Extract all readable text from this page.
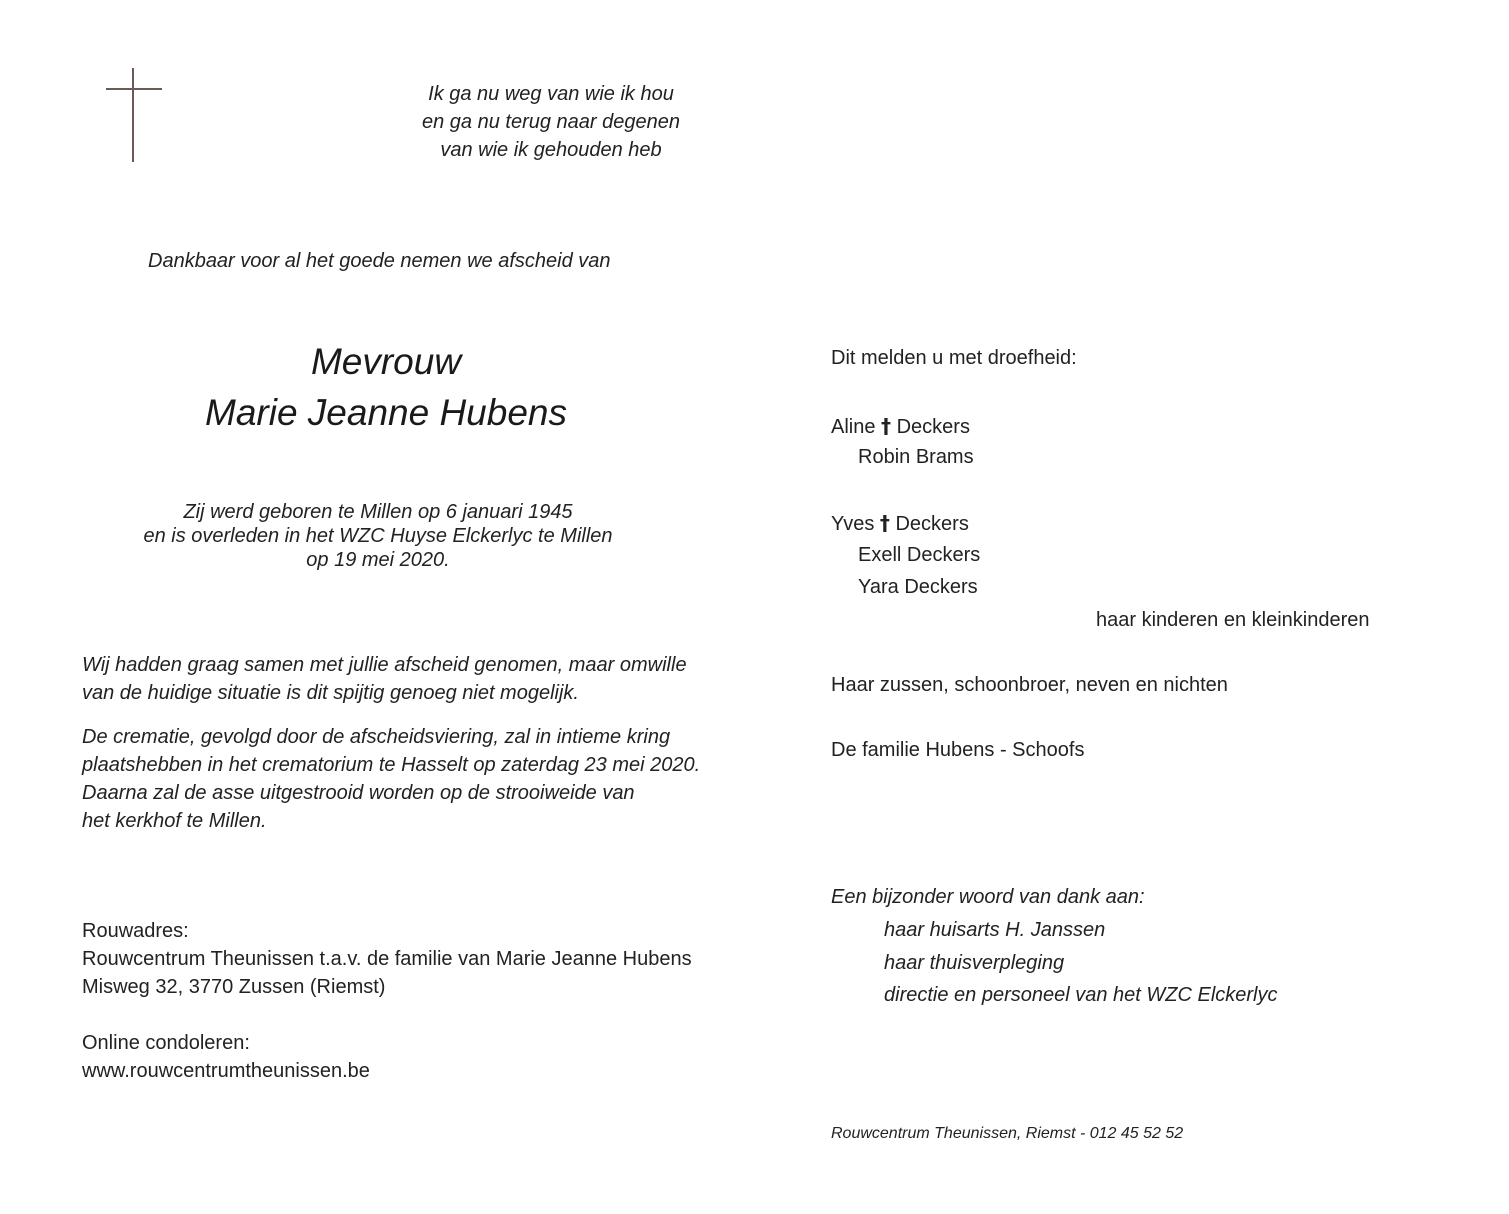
Ik ga nu weg van wie ik hou
en ga nu terug naar degenen
van wie ik gehouden heb
Dankbaar voor al het goede nemen we afscheid van
Mevrouw
Marie Jeanne Hubens
Zij werd geboren te Millen op 6 januari 1945
en is overleden in het WZC Huyse Elckerlyc te Millen
op 19 mei 2020.
Wij hadden graag samen met jullie afscheid genomen, maar omwille
van de huidige situatie is dit spijtig genoeg niet mogelijk.
De crematie, gevolgd door de afscheidsviering, zal in intieme kring
plaatshebben in het crematorium te Hasselt op zaterdag 23 mei 2020.
Daarna zal de asse uitgestrooid worden op de strooiweide van
het kerkhof te Millen.
Rouwadres:
Rouwcentrum Theunissen t.a.v. de familie van Marie Jeanne Hubens
Misweg 32, 3770 Zussen (Riemst)
Online condoleren:
www.rouwcentrumtheunissen.be
Dit melden u met droefheid:
Aline † Deckers
Robin Brams
Yves † Deckers
Exell Deckers
Yara Deckers
haar kinderen en kleinkinderen
Haar zussen, schoonbroer, neven en nichten
De familie Hubens - Schoofs
Een bijzonder woord van dank aan:
haar huisarts H. Janssen
haar thuisverpleging
directie en personeel van het WZC Elckerlyc
Rouwcentrum Theunissen, Riemst - 012 45 52 52
